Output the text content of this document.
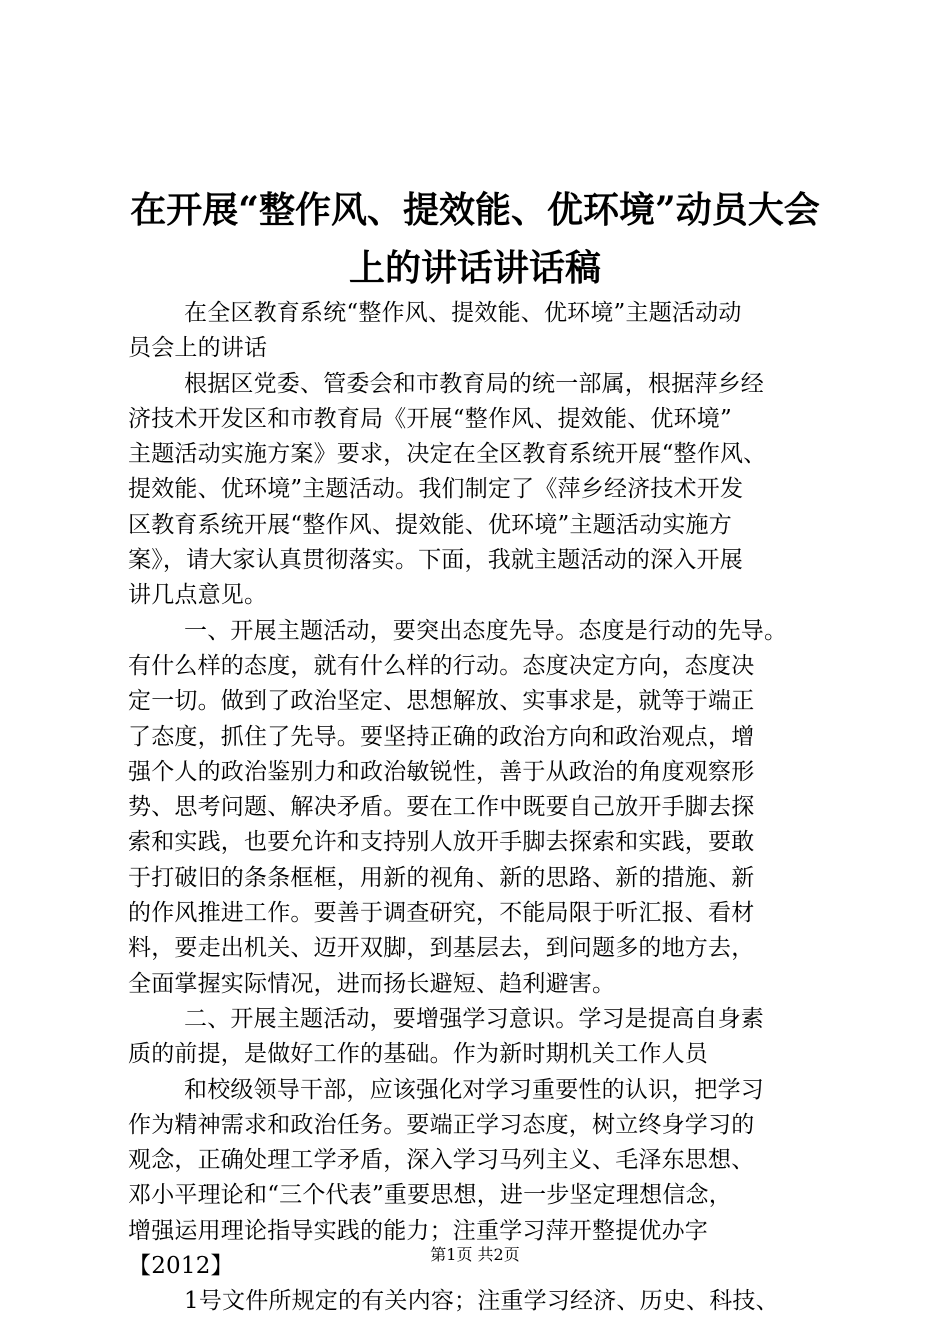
在开展“整作风、提效能、优环境”动员大会
上的讲话讲话稿
在全区教育系统“整作风、提效能、优环境”主题活动动
员会上的讲话
根据区党委、管委会和市教育局的统一部属，根据萍乡经
济技术开发区和市教育局《开展“整作风、提效能、优环境”
主题活动实施方案》要求，决定在全区教育系统开展“整作风、
提效能、优环境”主题活动。我们制定了《萍乡经济技术开发
区教育系统开展“整作风、提效能、优环境”主题活动实施方
案》，请大家认真贯彻落实。下面，我就主题活动的深入开展
讲几点意见。
一、开展主题活动，要突出态度先导。态度是行动的先导。
有什么样的态度，就有什么样的行动。态度决定方向，态度决
定一切。做到了政治坚定、思想解放、实事求是，就等于端正
了态度，抓住了先导。要坚持正确的政治方向和政治观点，增
强个人的政治鉴别力和政治敏锐性，善于从政治的角度观察形
势、思考问题、解决矛盾。要在工作中既要自己放开手脚去探
索和实践，也要允许和支持别人放开手脚去探索和实践，要敢
于打破旧的条条框框，用新的视角、新的思路、新的措施、新
的作风推进工作。要善于调查研究，不能局限于听汇报、看材
料，要走出机关、迈开双脚，到基层去，到问题多的地方去，
全面掌握实际情况，进而扬长避短、趋利避害。
二、开展主题活动，要增强学习意识。学习是提高自身素
质的前提，是做好工作的基础。作为新时期机关工作人员
和校级领导干部，应该强化对学习重要性的认识，把学习
作为精神需求和政治任务。要端正学习态度，树立终身学习的
观念，正确处理工学矛盾，深入学习马列主义、毛泽东思想、
邓小平理论和“三个代表”重要思想，进一步坚定理想信念，
增强运用理论指导实践的能力；注重学习萍开整提优办字
【2012】
1号文件所规定的有关内容；注重学习经济、历史、科技、
第1页 共2页
